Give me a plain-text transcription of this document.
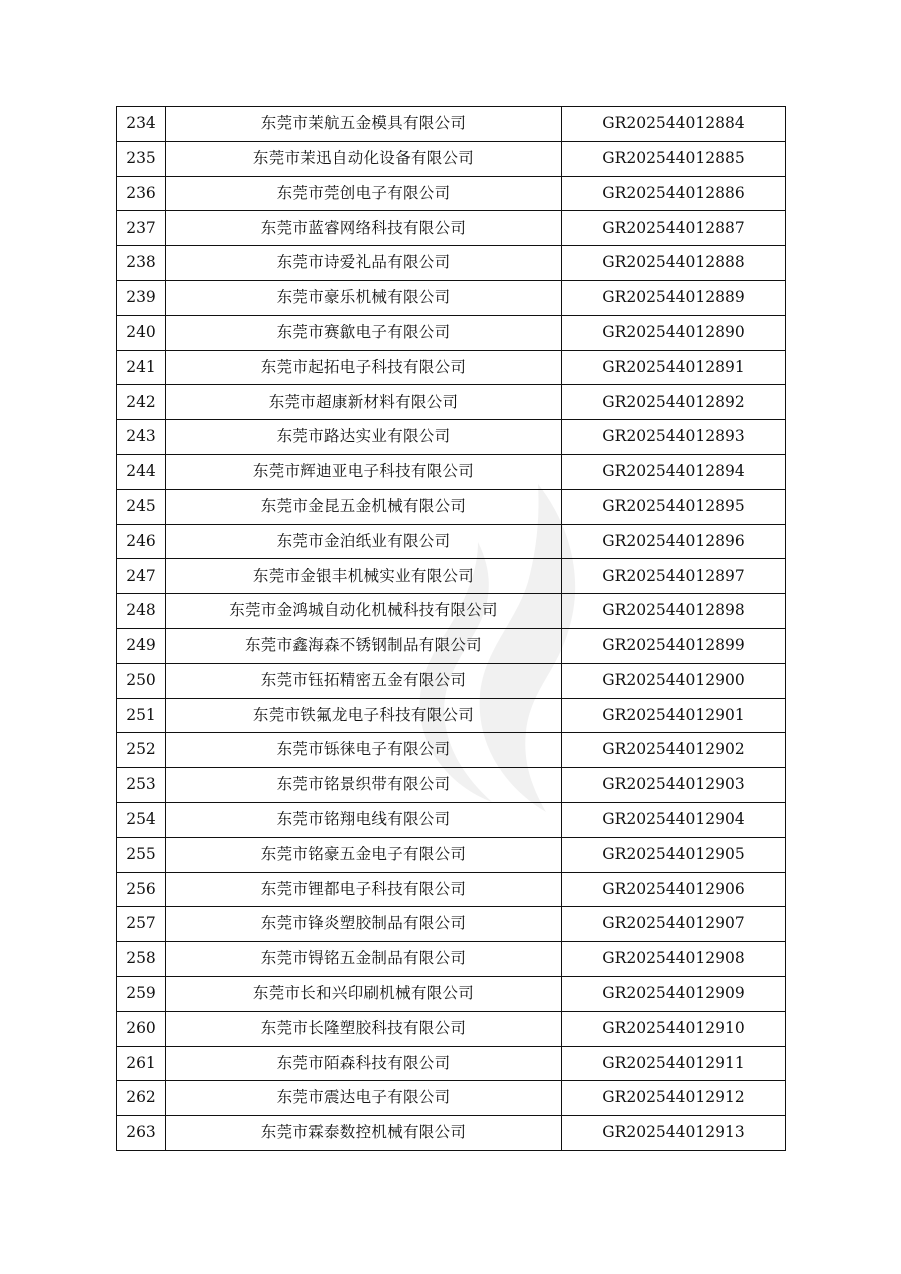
234	东莞市茉航五金模具有限公司	GR202544012884
235	东莞市茉迅自动化设备有限公司	GR202544012885
236	东莞市莞创电子有限公司	GR202544012886
237	东莞市蓝睿网络科技有限公司	GR202544012887
238	东莞市诗爱礼品有限公司	GR202544012888
239	东莞市豪乐机械有限公司	GR202544012889
240	东莞市赛歙电子有限公司	GR202544012890
241	东莞市起拓电子科技有限公司	GR202544012891
242	东莞市超康新材料有限公司	GR202544012892
243	东莞市路达实业有限公司	GR202544012893
244	东莞市辉迪亚电子科技有限公司	GR202544012894
245	东莞市金昆五金机械有限公司	GR202544012895
246	东莞市金泊纸业有限公司	GR202544012896
247	东莞市金银丰机械实业有限公司	GR202544012897
248	东莞市金鸿城自动化机械科技有限公司	GR202544012898
249	东莞市鑫海森不锈钢制品有限公司	GR202544012899
250	东莞市钰拓精密五金有限公司	GR202544012900
251	东莞市铁氟龙电子科技有限公司	GR202544012901
252	东莞市铄徕电子有限公司	GR202544012902
253	东莞市铭景织带有限公司	GR202544012903
254	东莞市铭翔电线有限公司	GR202544012904
255	东莞市铭豪五金电子有限公司	GR202544012905
256	东莞市锂都电子科技有限公司	GR202544012906
257	东莞市锋炎塑胶制品有限公司	GR202544012907
258	东莞市锝铭五金制品有限公司	GR202544012908
259	东莞市长和兴印刷机械有限公司	GR202544012909
260	东莞市长隆塑胶科技有限公司	GR202544012910
261	东莞市陌森科技有限公司	GR202544012911
262	东莞市震达电子有限公司	GR202544012912
263	东莞市霖泰数控机械有限公司	GR202544012913
